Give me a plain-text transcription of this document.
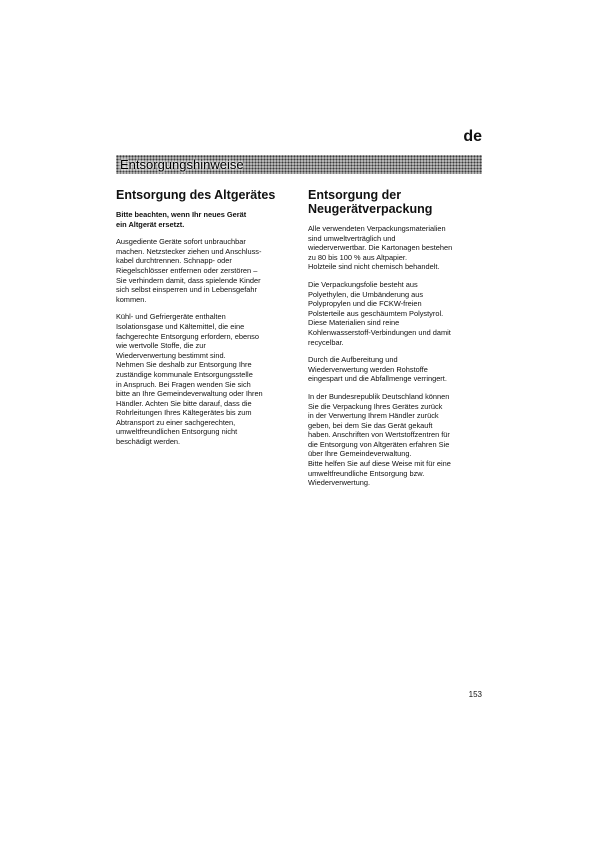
de

Entsorgungshinweise
Entsorgung des Altgerätes

Bitte beachten, wenn Ihr neues Gerät
ein Altgerät ersetzt.

Ausgediente Geräte sofort unbrauchbar
machen. Netzstecker ziehen und Anschluss-
kabel durchtrennen. Schnapp- oder
Riegelschlösser entfernen oder zerstören –
Sie verhindern damit, dass spielende Kinder
sich selbst einsperren und in Lebensgefahr
kommen.

Kühl- und Gefriergeräte enthalten
Isolationsgase und Kältemittel, die eine
fachgerechte Entsorgung erfordern, ebenso
wie wertvolle Stoffe, die zur
Wiederverwertung bestimmt sind.
Nehmen Sie deshalb zur Entsorgung Ihre
zuständige kommunale Entsorgungsstelle
in Anspruch. Bei Fragen wenden Sie sich
bitte an Ihre Gemeindeverwaltung oder Ihren
Händler. Achten Sie bitte darauf, dass die
Rohrleitungen Ihres Kältegerätes bis zum
Abtransport zu einer sachgerechten,
umweltfreundlichen Entsorgung nicht
beschädigt werden.

Entsorgung der
Neugerätverpackung

Alle verwendeten Verpackungsmaterialien
sind umweltverträglich und
wiederverwertbar. Die Kartonagen bestehen
zu 80 bis 100 % aus Altpapier.
Holzteile sind nicht chemisch behandelt.

Die Verpackungsfolie besteht aus
Polyethylen, die Umbänderung aus
Polypropylen und die FCKW-freien
Polsterteile aus geschäumtem Polystyrol.
Diese Materialien sind reine
Kohlenwasserstoff-Verbindungen und damit
recycelbar.

Durch die Aufbereitung und
Wiederverwertung werden Rohstoffe
eingespart und die Abfallmenge verringert.

In der Bundesrepublik Deutschland können
Sie die Verpackung Ihres Gerätes zurück
in der Verwertung Ihrem Händler zurück
geben, bei dem Sie das Gerät gekauft
haben. Anschriften von Wertstoffzentren für
die Entsorgung von Altgeräten erfahren Sie
über Ihre Gemeindeverwaltung.
Bitte helfen Sie auf diese Weise mit für eine
umweltfreundliche Entsorgung bzw.
Wiederverwertung.

153
